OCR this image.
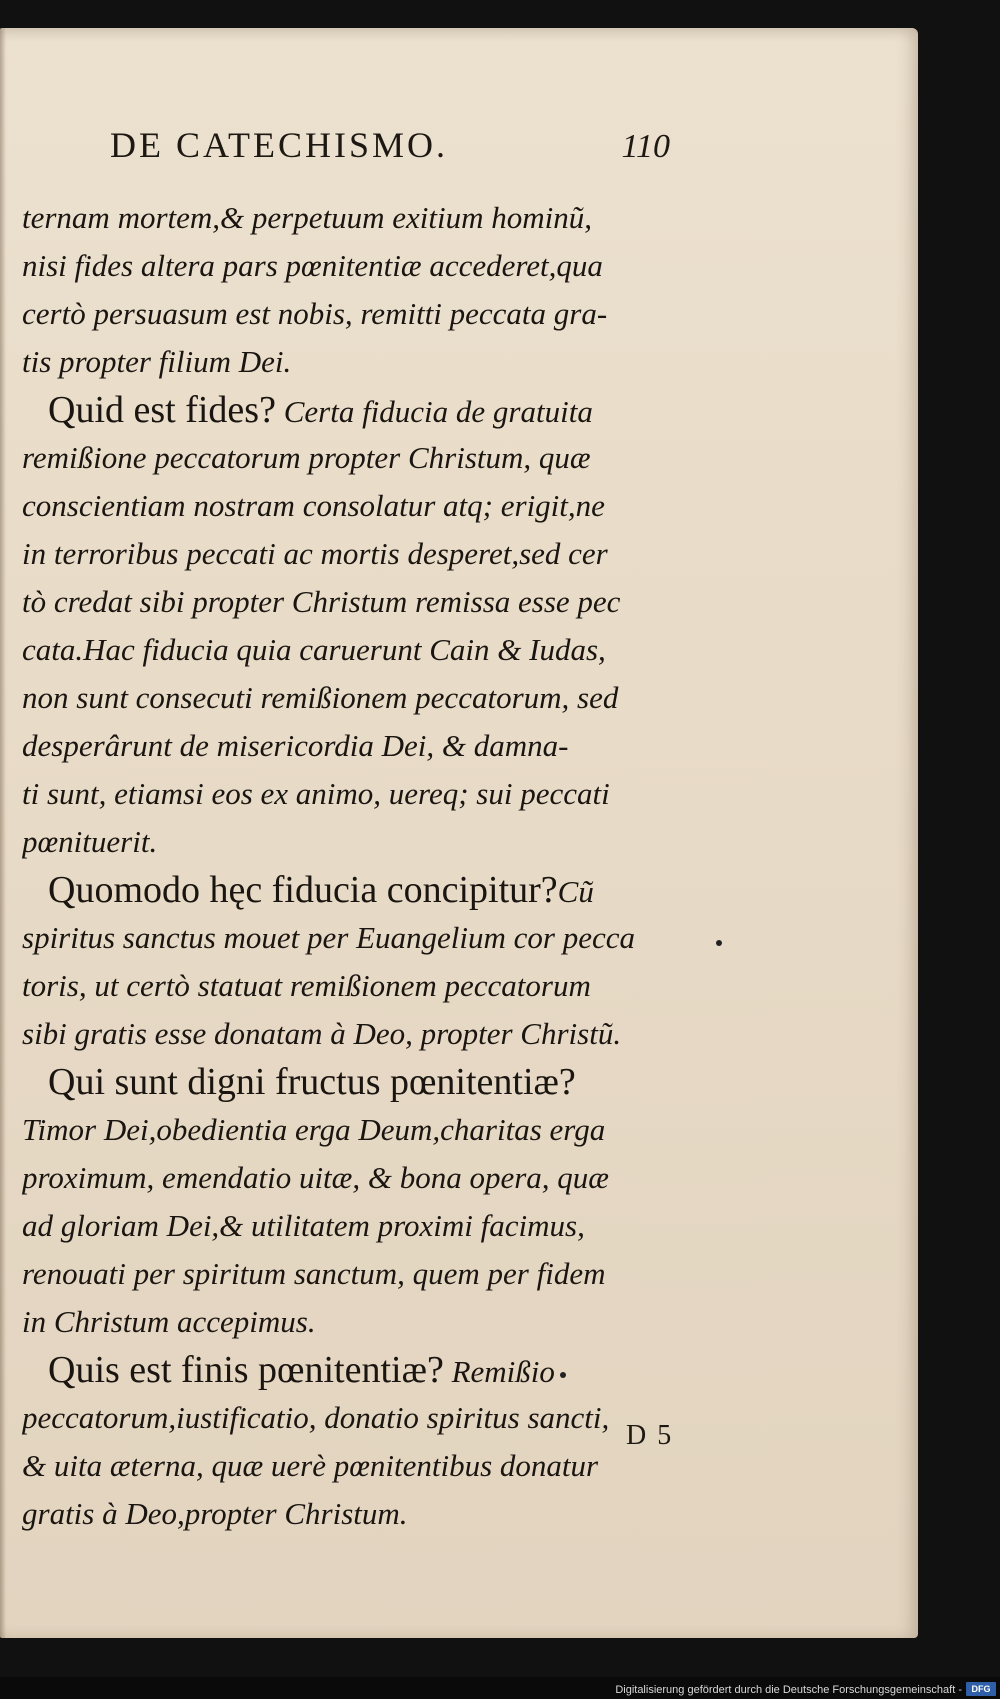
DE CATECHISMO.	110
ternam mortem,& perpetuum exitium hominũ,
nisi fides altera pars pœnitentiæ accederet,qua
certò persuasum est nobis, remitti peccata gra-
tis propter filium Dei.
Quid est fides? Certa fiducia de gratuita
remißione peccatorum propter Christum, quæ
conscientiam nostram consolatur atq; erigit,ne
in terroribus peccati ac mortis desperet,sed cer
tò credat sibi propter Christum remissa esse pec
cata.Hac fiducia quia caruerunt Cain & Iudas,
non sunt consecuti remißionem peccatorum, sed
desperârunt de misericordia Dei, & damna-
ti sunt, etiamsi eos ex animo, uereq; sui peccati
pœnituerit.
Quomodo hęc fiducia concipitur?Cũ
spiritus sanctus mouet per Euangelium cor pecca
toris, ut certò statuat remißionem peccatorum
sibi gratis esse donatam à Deo, propter Christũ.
Qui sunt digni fructus pœnitentiæ?
Timor Dei,obedientia erga Deum,charitas erga
proximum, emendatio uitæ, & bona opera, quæ
ad gloriam Dei,& utilitatem proximi facimus,
renouati per spiritum sanctum, quem per fidem
in Christum accepimus.
Quis est finis pœnitentiæ? Remißio
peccatorum,iustificatio, donatio spiritus sancti,
& uita æterna, quæ uerè pœnitentibus donatur
gratis à Deo,propter Christum.
D 5
Digitalisierung gefördert durch die Deutsche Forschungsgemeinschaft -	DFG
